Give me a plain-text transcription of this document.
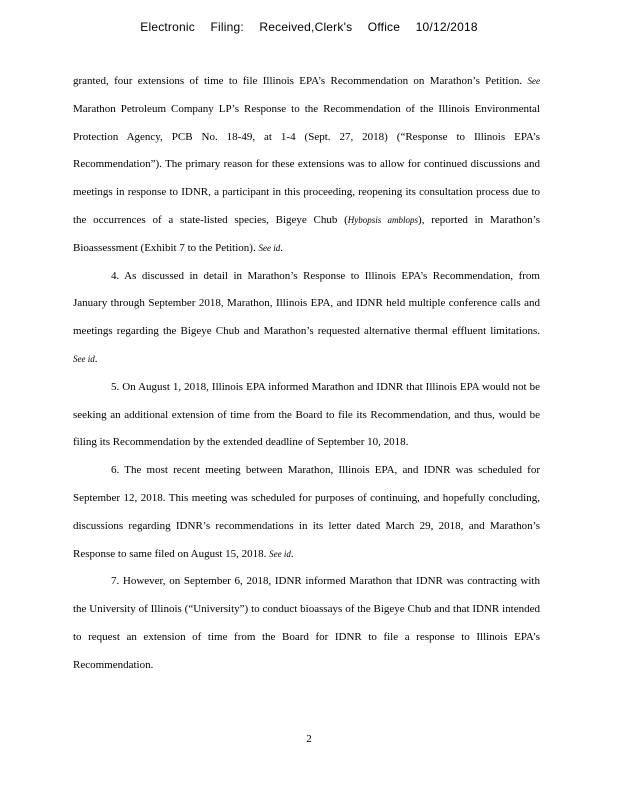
Electronic Filing: Received,Clerk's Office 10/12/2018

granted, four extensions of time to file Illinois EPA’s Recommendation on Marathon’s Petition. See Marathon Petroleum Company LP’s Response to the Recommendation of the Illinois Environmental Protection Agency, PCB No. 18-49, at 1-4 (Sept. 27, 2018) (“Response to Illinois EPA’s Recommendation”). The primary reason for these extensions was to allow for continued discussions and meetings in response to IDNR, a participant in this proceeding, reopening its consultation process due to the occurrences of a state-listed species, Bigeye Chub (Hybopsis amblops), reported in Marathon’s Bioassessment (Exhibit 7 to the Petition). See id.

4. As discussed in detail in Marathon’s Response to Illinois EPA’s Recommendation, from January through September 2018, Marathon, Illinois EPA, and IDNR held multiple conference calls and meetings regarding the Bigeye Chub and Marathon’s requested alternative thermal effluent limitations. See id.

5. On August 1, 2018, Illinois EPA informed Marathon and IDNR that Illinois EPA would not be seeking an additional extension of time from the Board to file its Recommendation, and thus, would be filing its Recommendation by the extended deadline of September 10, 2018.

6. The most recent meeting between Marathon, Illinois EPA, and IDNR was scheduled for September 12, 2018. This meeting was scheduled for purposes of continuing, and hopefully concluding, discussions regarding IDNR’s recommendations in its letter dated March 29, 2018, and Marathon’s Response to same filed on August 15, 2018. See id.

7. However, on September 6, 2018, IDNR informed Marathon that IDNR was contracting with the University of Illinois (“University”) to conduct bioassays of the Bigeye Chub and that IDNR intended to request an extension of time from the Board for IDNR to file a response to Illinois EPA’s Recommendation.

2
